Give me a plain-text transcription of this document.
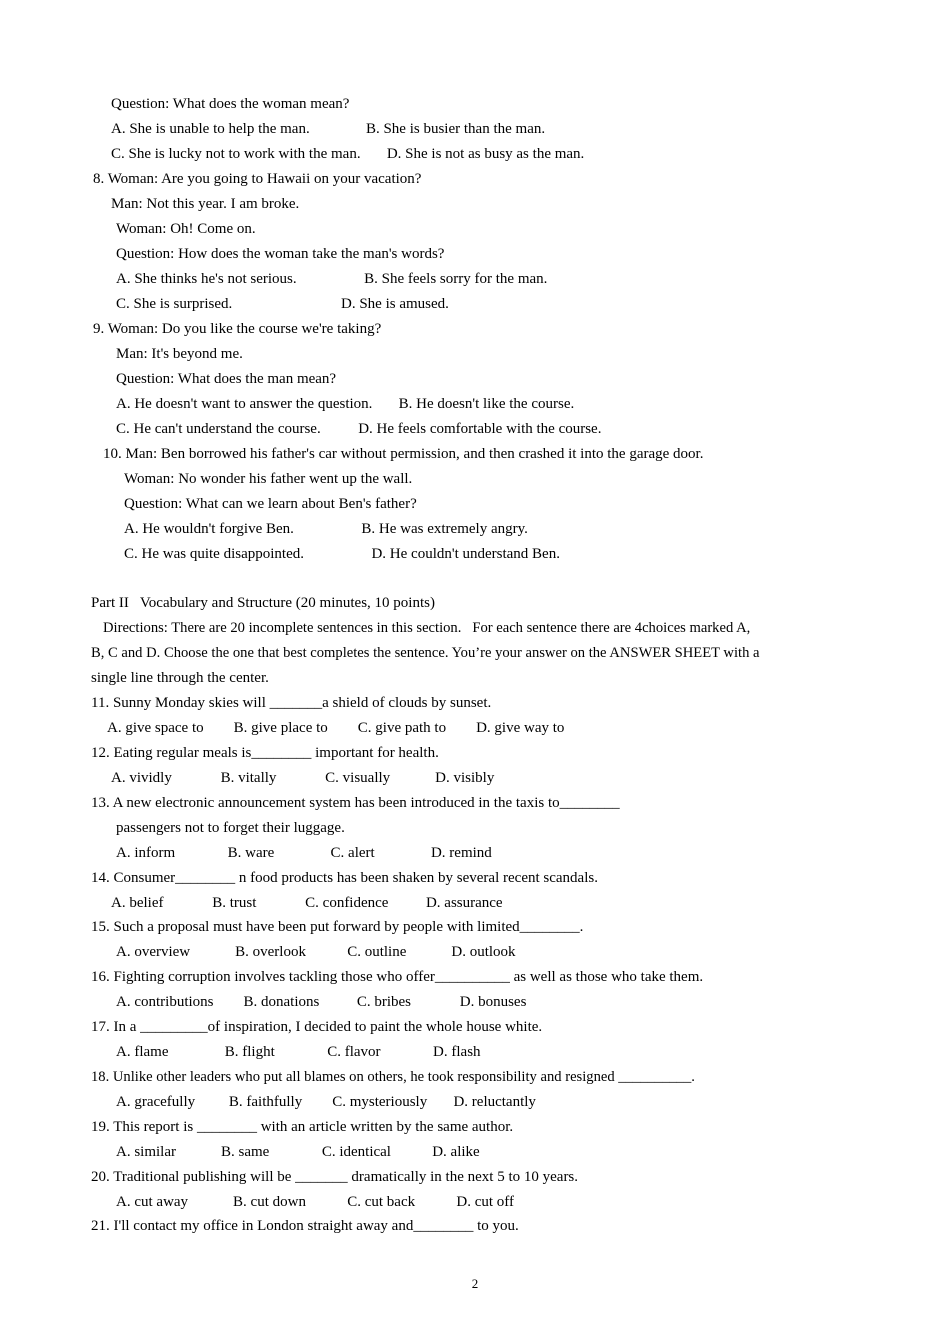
Question: What does the woman mean?
A. She is unable to help the man.               B. She is busier than the man.
C. She is lucky not to work with the man.       D. She is not as busy as the man.
8. Woman: Are you going to Hawaii on your vacation?
Man: Not this year. I am broke.
Woman: Oh! Come on.
Question: How does the woman take the man's words?
A. She thinks he's not serious.                  B. She feels sorry for the man.
C. She is surprised.                             D. She is amused.
9. Woman: Do you like the course we're taking?
Man: It's beyond me.
Question: What does the man mean?
A. He doesn't want to answer the question.       B. He doesn't like the course.
C. He can't understand the course.          D. He feels comfortable with the course.
10. Man: Ben borrowed his father's car without permission, and then crashed it into the garage door.
Woman: No wonder his father went up the wall.
Question: What can we learn about Ben's father?
A. He wouldn't forgive Ben.                  B. He was extremely angry.
C. He was quite disappointed.                  D. He couldn't understand Ben.
Part II   Vocabulary and Structure (20 minutes, 10 points)
Directions: There are 20 incomplete sentences in this section.   For each sentence there are 4choices marked A,
B, C and D. Choose the one that best completes the sentence. You’re your answer on the ANSWER SHEET with a
single line through the center.
11. Sunny Monday skies will _______a shield of clouds by sunset.
A. give space to        B. give place to        C. give path to        D. give way to
12. Eating regular meals is________ important for health.
A. vividly             B. vitally             C. visually            D. visibly
13. A new electronic announcement system has been introduced in the taxis to________
passengers not to forget their luggage.
A. inform              B. ware               C. alert               D. remind
14. Consumer________ n food products has been shaken by several recent scandals.
A. belief             B. trust             C. confidence          D. assurance
15. Such a proposal must have been put forward by people with limited________.
A. overview            B. overlook           C. outline            D. outlook
16. Fighting corruption involves tackling those who offer__________ as well as those who take them.
A. contributions        B. donations          C. bribes             D. bonuses
17. In a _________of inspiration, I decided to paint the whole house white.
A. flame               B. flight              C. flavor              D. flash
18. Unlike other leaders who put all blames on others, he took responsibility and resigned __________.
A. gracefully         B. faithfully        C. mysteriously       D. reluctantly
19. This report is ________ with an article written by the same author.
A. similar            B. same              C. identical           D. alike
20. Traditional publishing will be _______ dramatically in the next 5 to 10 years.
A. cut away            B. cut down           C. cut back           D. cut off
21. I'll contact my office in London straight away and________ to you.
2
